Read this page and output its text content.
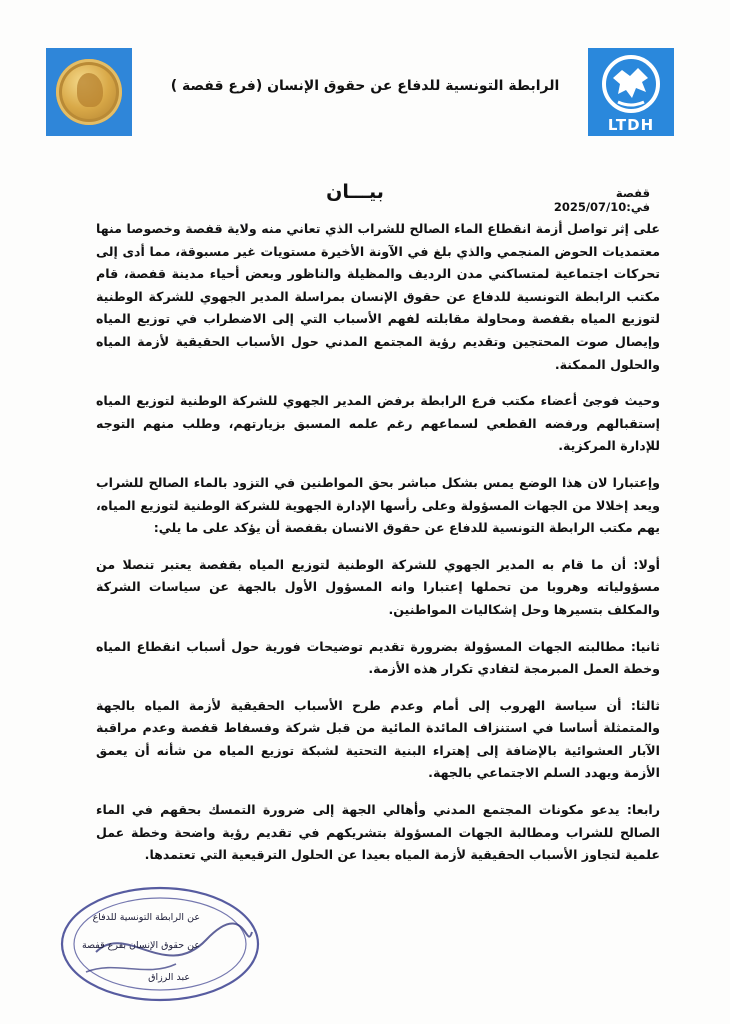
الرابطة التونسية للدفاع عن حقوق الإنسان (فرع قفصة )
LTDH
بيـــان	قفصة في:2025/07/10

على إثر تواصل أزمة انقطاع الماء الصالح للشراب الذي تعاني منه ولاية قفصة وخصوصا منها معتمديات الحوض المنجمي والذي بلغ في الآونة الأخيرة مستويات غير مسبوقة، مما أدى إلى تحركات اجتماعية لمتساكني مدن الرديف والمظيلة والناظور وبعض أحياء مدينة قفصة، قام مكتب الرابطة التونسية للدفاع عن حقوق الإنسان بمراسلة المدير الجهوي للشركة الوطنية لتوزيع المياه بقفصة ومحاولة مقابلته لفهم الأسباب التي إلى الاضطراب في توزيع المياه وإيصال صوت المحتجين وتقديم رؤية المجتمع المدني حول الأسباب الحقيقية لأزمة المياه والحلول الممكنة.

وحيث فوجئ أعضاء مكتب فرع الرابطة برفض المدير الجهوي للشركة الوطنية لتوزيع المياه إستقبالهم ورفضه القطعي لسماعهم رغم علمه المسبق بزيارتهم، وطلب منهم التوجه للإدارة المركزية.

وإعتبارا لان هذا الوضع يمس بشكل مباشر بحق المواطنين في التزود بالماء الصالح للشراب ويعد إخلالا من الجهات المسؤولة وعلى رأسها الإدارة الجهوية للشركة الوطنية لتوزيع المياه، يهم مكتب الرابطة التونسية للدفاع عن حقوق الانسان بقفصة أن يؤكد على ما يلي:

أولا: أن ما قام به المدير الجهوي للشركة الوطنية لتوزيع المياه بقفصة يعتبر تنصلا من مسؤولياته وهروبا من تحملها إعتبارا وانه المسؤول الأول بالجهة عن سياسات الشركة والمكلف بتسيرها وحل إشكاليات المواطنين.

ثانيا: مطالبته الجهات المسؤولة بضرورة تقديم توضيحات فورية حول أسباب انقطاع المياه وخطة العمل المبرمجة لتفادي تكرار هذه الأزمة.

ثالثا: أن سياسة الهروب إلى أمام وعدم طرح الأسباب الحقيقية لأزمة المياه بالجهة والمتمثلة أساسا في استنزاف المائدة المائية من قبل شركة وفسفاط قفصة وعدم مراقبة الآبار العشوائية بالإضافة إلى إهتراء البنية التحتية لشبكة توزيع المياه من شأنه أن يعمق الأزمة ويهدد السلم الاجتماعي بالجهة.

رابعا: يدعو مكونات المجتمع المدني وأهالي الجهة إلى ضرورة التمسك بحقهم في الماء الصالح للشراب ومطالبة الجهات المسؤولة بتشريكهم في تقديم رؤية واضحة وخطة عمل علمية لتجاوز الأسباب الحقيقية لأزمة المياه بعيدا عن الحلول الترقيعية التي تعتمدها.

عن الرابطة التونسية للدفاع
عن حقوق الإنسان بفرع قفصة
عبد الرزاق
